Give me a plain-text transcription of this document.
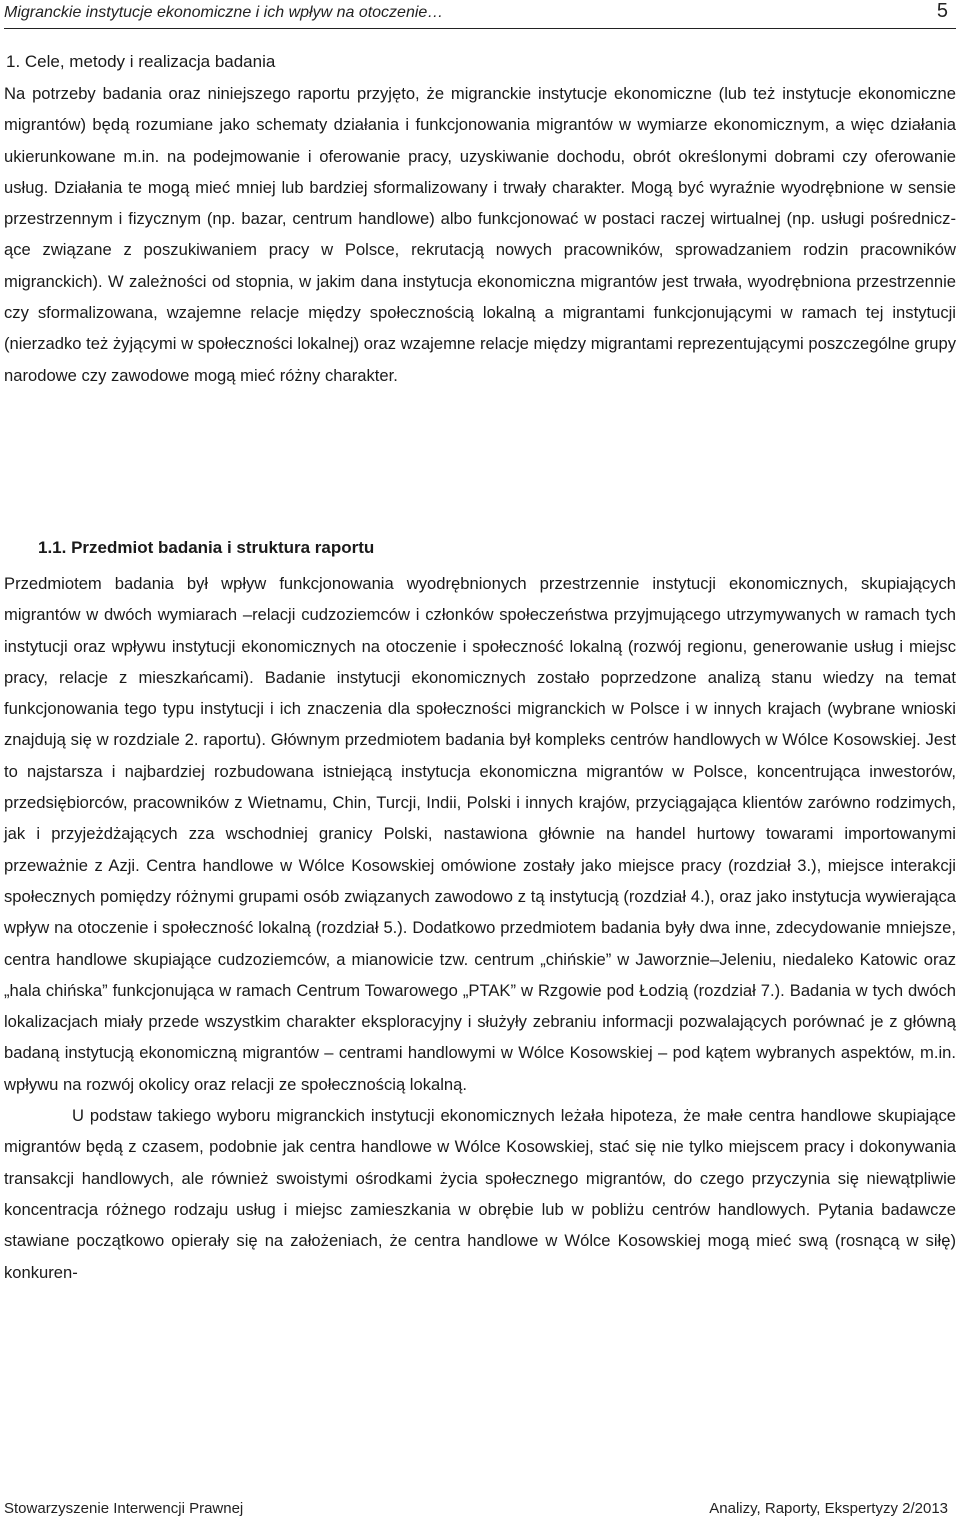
Migranckie instytucje ekonomiczne i ich wpływ na otoczenie…	5
1. Cele, metody i realizacja badania

Na potrzeby badania oraz niniejszego raportu przyjęto, że migranckie instytucje ekonomiczne (lub też instytucje ekonomiczne migrantów) będą rozumiane jako schematy działania i funkcjonowania migrantów w wymiarze ekonomicznym, a więc działania ukierunkowane m.in. na podejmowanie i oferowanie pracy, uzyskiwanie dochodu, obrót określonymi dobrami czy oferowanie usług. Działania te mogą mieć mniej lub bardziej sformalizowany i trwały charakter. Mogą być wyraźnie wyodrębnione w sensie przestrzennym i fizycznym (np. bazar, centrum handlowe) albo funkcjonować w postaci raczej wirtualnej (np. usługi pośredniczące związane z poszukiwaniem pracy w Polsce, rekrutacją nowych pracowników, sprowadzaniem rodzin pracowników migranckich). W zależności od stopnia, w jakim dana instytucja ekonomiczna migrantów jest trwała, wyodrębniona przestrzennie czy sformalizowana, wzajemne relacje między społecznością lokalną a migrantami funkcjonującymi w ramach tej instytucji (nierzadko też żyjącymi w społeczności lokalnej) oraz wzajemne relacje między migrantami reprezentującymi poszczególne grupy narodowe czy zawodowe mogą mieć różny charakter.

1.1. Przedmiot badania i struktura raportu

Przedmiotem badania był wpływ funkcjonowania wyodrębnionych przestrzennie instytucji ekonomicznych, skupiających migrantów w dwóch wymiarach –relacji cudzoziemców i członków społeczeństwa przyjmującego utrzymywanych w ramach tych instytucji oraz wpływu instytucji ekonomicznych na otoczenie i społeczność lokalną (rozwój regionu, generowanie usług i miejsc pracy, relacje z mieszkańcami). Badanie instytucji ekonomicznych zostało poprzedzone analizą stanu wiedzy na temat funkcjonowania tego typu instytucji i ich znaczenia dla społeczności migranckich w Polsce i w innych krajach (wybrane wnioski znajdują się w rozdziale 2. raportu). Głównym przedmiotem badania był kompleks centrów handlowych w Wólce Kosowskiej. Jest to najstarsza i najbardziej rozbudowana istniejącą instytucja ekonomiczna migrantów w Polsce, koncentrująca inwestorów, przedsiębiorców, pracowników z Wietnamu, Chin, Turcji, Indii, Polski i innych krajów, przyciągająca klientów zarówno rodzimych, jak i przyjeżdżających zza wschodniej granicy Polski, nastawiona głównie na handel hurtowy towarami importowanymi przeważnie z Azji. Centra handlowe w Wólce Kosowskiej omówione zostały jako miejsce pracy (rozdział 3.), miejsce interakcji społecznych pomiędzy różnymi grupami osób związanych zawodowo z tą instytucją (rozdział 4.), oraz jako instytucja wywierająca wpływ na otoczenie i społeczność lokalną (rozdział 5.). Dodatkowo przedmiotem badania były dwa inne, zdecydowanie mniejsze, centra handlowe skupiające cudzoziemców, a mianowicie tzw. centrum „chińskie” w Jaworznie–Jeleniu, niedaleko Katowic oraz „hala chińska” funkcjonująca w ramach Centrum Towarowego „PTAK” w Rzgowie pod Łodzią (rozdział 7.). Badania w tych dwóch lokalizacjach miały przede wszystkim charakter eksploracyjny i służyły zebraniu informacji pozwalających porównać je z główną badaną instytucją ekonomiczną migrantów – centrami handlowymi w Wólce Kosowskiej – pod kątem wybranych aspektów, m.in. wpływu na rozwój okolicy oraz relacji ze społecznością lokalną.

U podstaw takiego wyboru migranckich instytucji ekonomicznych leżała hipoteza, że małe centra handlowe skupiające migrantów będą z czasem, podobnie jak centra handlowe w Wólce Kosowskiej, stać się nie tylko miejscem pracy i dokonywania transakcji handlowych, ale również swoistymi ośrodkami życia społecznego migrantów, do czego przyczynia się niewątpliwie koncentracja różnego rodzaju usług i miejsc zamieszkania w obrębie lub w pobliżu centrów handlowych. Pytania badawcze stawiane początkowo opierały się na założeniach, że centra handlowe w Wólce Kosowskiej mogą mieć swą (rosnącą w siłę) konkuren-

Stowarzyszenie Interwencji Prawnej	Analizy, Raporty, Ekspertyzy 2/2013
